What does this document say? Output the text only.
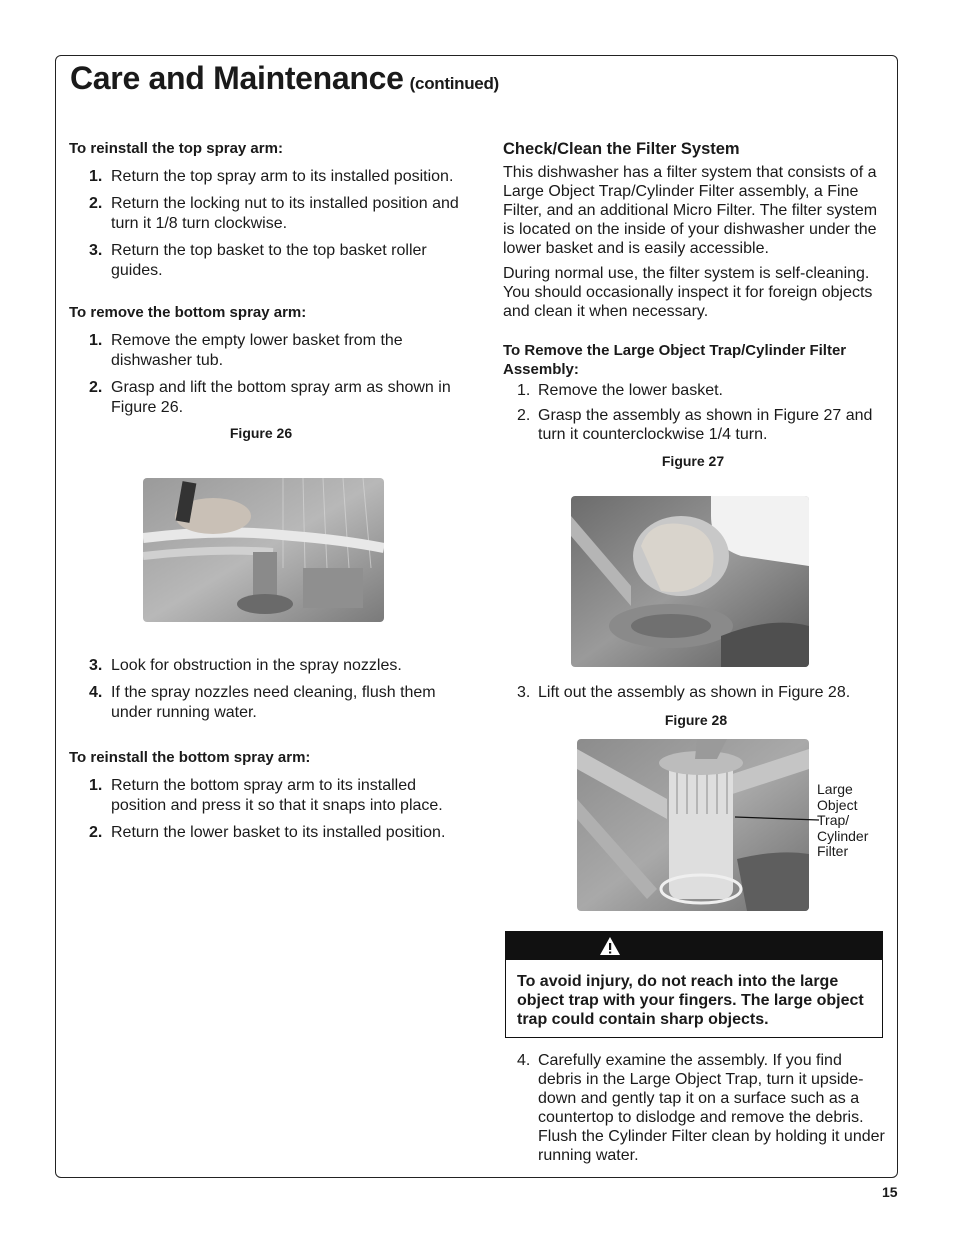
Care and Maintenance (continued)
To reinstall the top spray arm:
1. Return the top spray arm to its installed position.
2. Return the locking nut to its installed position and turn it 1/8 turn clockwise.
3. Return the top basket to the top basket roller guides.
To remove the bottom spray arm:
1. Remove the empty lower basket from the dishwasher tub.
2. Grasp and lift the bottom spray arm as shown in Figure 26.
Figure 26
3. Look for obstruction in the spray nozzles.
4. If the spray nozzles need cleaning, flush them under running water.
To reinstall the bottom spray arm:
1. Return the bottom spray arm to its installed position and press it so that it snaps into place.
2. Return the lower basket to its installed position.
Check/Clean the Filter System
This dishwasher has a filter system that consists of a Large Object Trap/Cylinder Filter assembly, a Fine Filter, and an additional Micro Filter. The filter system is located on the inside of your dishwasher under the lower basket and is easily accessible.
During normal use, the filter system is self-cleaning. You should occasionally inspect it for foreign objects and clean it when necessary.
To Remove the Large Object Trap/Cylinder Filter Assembly:
1. Remove the lower basket.
2. Grasp the assembly as shown in Figure 27 and turn it counterclockwise 1/4 turn.
Figure 27
3. Lift out the assembly as shown in Figure 28.
Figure 28
Large
Object
Trap/
Cylinder
Filter
To avoid injury, do not reach into the large object trap with your fingers. The large object trap could contain sharp objects.
4. Carefully examine the assembly. If you find debris in the Large Object Trap, turn it upside-down and gently tap it on a surface such as a countertop to dislodge and remove the debris. Flush the Cylinder Filter clean by holding it under running water.
15
